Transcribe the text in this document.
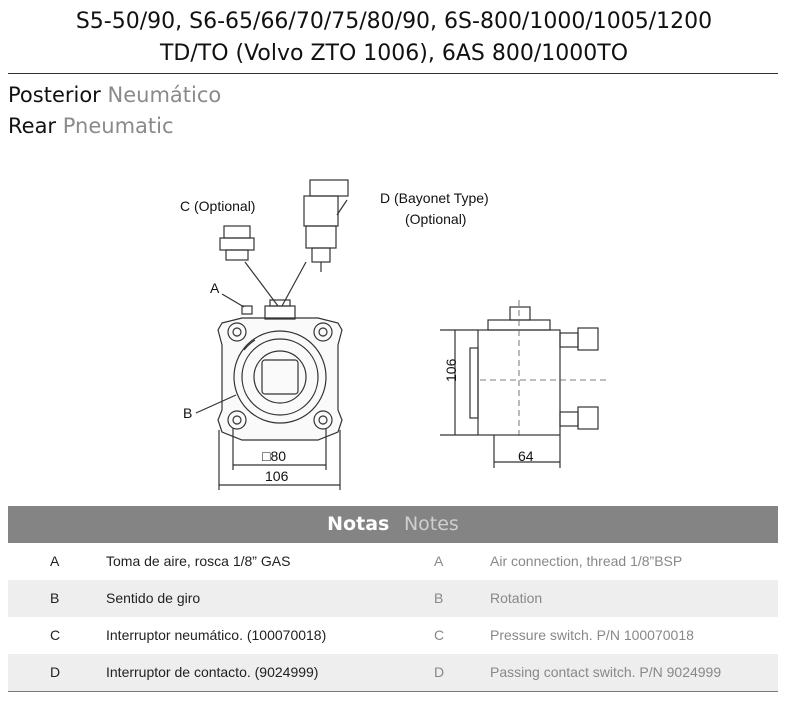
S5-50/90, S6-65/66/70/75/80/90, 6S-800/1000/1005/1200
TD/TO (Volvo ZTO 1006), 6AS 800/1000TO
Posterior Neumático
Rear Pneumatic
C (Optional)	D (Bayonet Type)
(Optional)
A
B
□80
106
106
64
Notas Notes
A	Toma de aire, rosca 1/8” GAS	A	Air connection, thread 1/8”BSP
B	Sentido de giro	B	Rotation
C	Interruptor neumático. (100070018)	C	Pressure switch. P/N 100070018
D	Interruptor de contacto. (9024999)	D	Passing contact switch. P/N 9024999
